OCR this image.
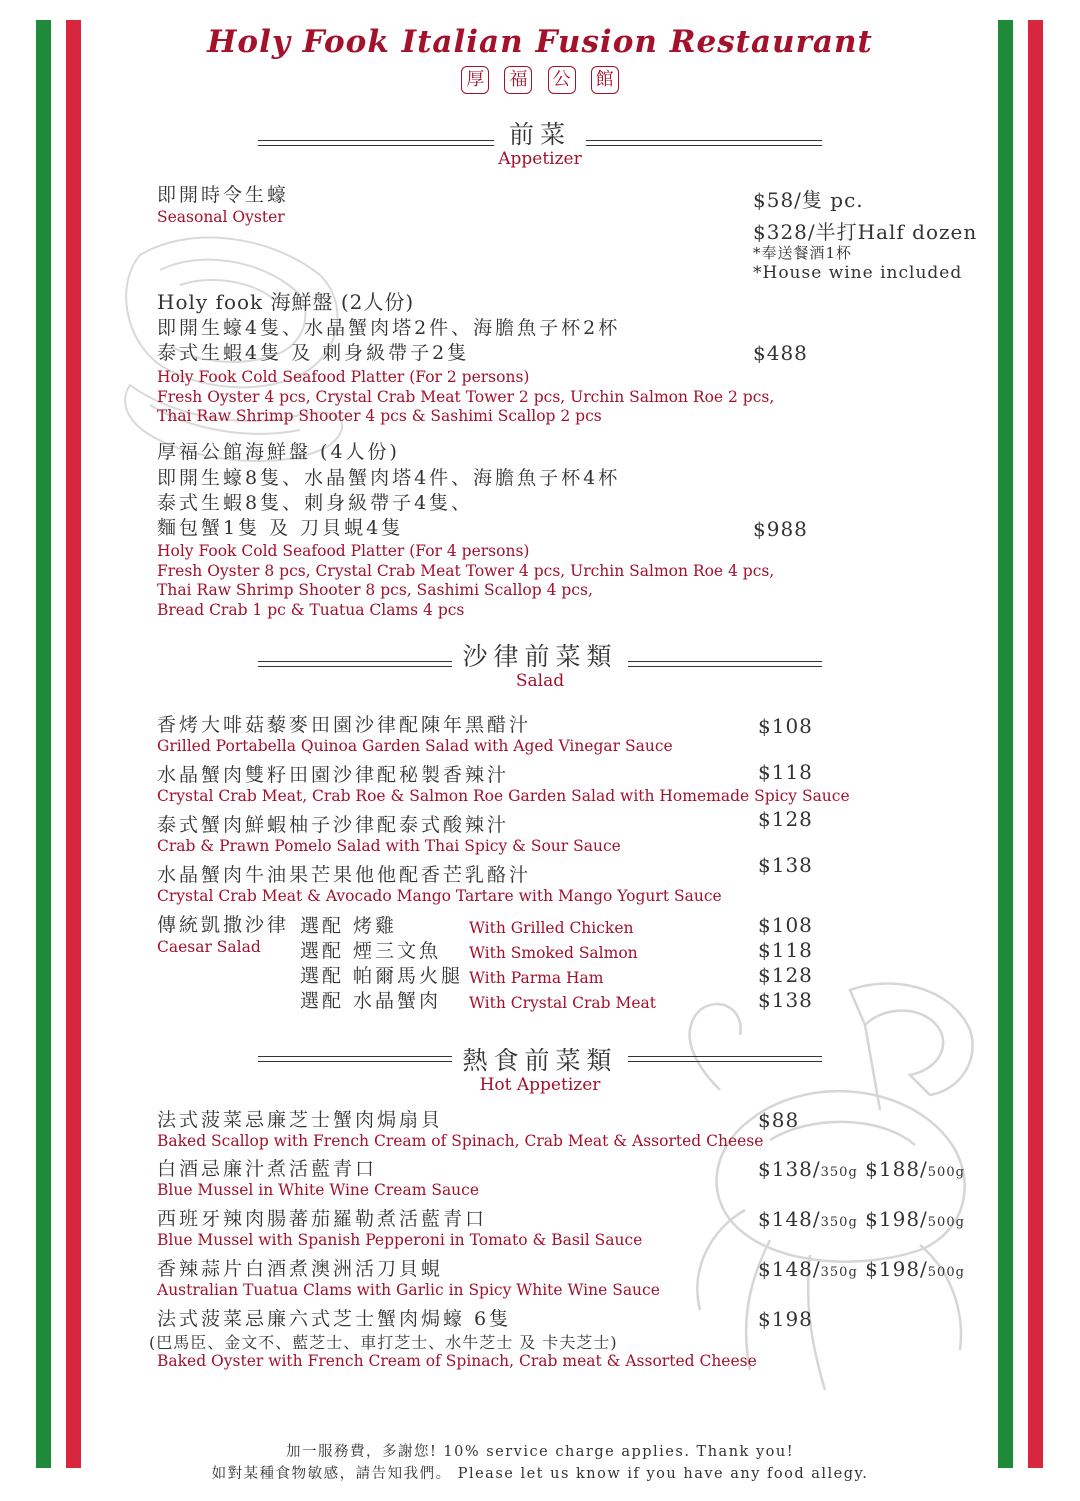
Holy Fook Italian Fusion Restaurant
厚 福 公 館
前菜
Appetizer
即開時令生蠔
Seasonal Oyster
$58/隻 pc.
$328/半打Half dozen
*奉送餐酒1杯
*House wine included
Holy fook 海鮮盤 (2人份)
即開生蠔4隻、水晶蟹肉塔2件、海膽魚子杯2杯
泰式生蝦4隻 及 刺身級帶子2隻
Holy Fook Cold Seafood Platter (For 2 persons)
Fresh Oyster 4 pcs, Crystal Crab Meat Tower 2 pcs, Urchin Salmon Roe 2 pcs,
Thai Raw Shrimp Shooter 4 pcs & Sashimi Scallop 2 pcs
$488
厚福公館海鮮盤 (4人份)
即開生蠔8隻、水晶蟹肉塔4件、海膽魚子杯4杯
泰式生蝦8隻、刺身級帶子4隻、
麵包蟹1隻 及 刀貝蜆4隻
Holy Fook Cold Seafood Platter (For 4 persons)
Fresh Oyster 8 pcs, Crystal Crab Meat Tower 4 pcs, Urchin Salmon Roe 4 pcs,
Thai Raw Shrimp Shooter 8 pcs, Sashimi Scallop 4 pcs,
Bread Crab 1 pc & Tuatua Clams 4 pcs
$988
沙律前菜類
Salad
香烤大啡菇藜麥田園沙律配陳年黑醋汁
Grilled Portabella Quinoa Garden Salad with Aged Vinegar Sauce
$108
水晶蟹肉雙籽田園沙律配秘製香辣汁
Crystal Crab Meat, Crab Roe & Salmon Roe Garden Salad with Homemade Spicy Sauce
$118
泰式蟹肉鮮蝦柚子沙律配泰式酸辣汁
Crab & Prawn Pomelo Salad with Thai Spicy & Sour Sauce
$128
水晶蟹肉牛油果芒果他他配香芒乳酪汁
Crystal Crab Meat & Avocado Mango Tartare with Mango Yogurt Sauce
$138
傳統凱撒沙律
Caesar Salad
選配 烤雞	With Grilled Chicken	$108
選配 煙三文魚 With Smoked Salmon	$118
選配 帕爾馬火腿 With Parma Ham	$128
選配 水晶蟹肉 With Crystal Crab Meat	$138
熱食前菜類
Hot Appetizer
法式菠菜忌廉芝士蟹肉焗扇貝
Baked Scallop with French Cream of Spinach, Crab Meat & Assorted Cheese
$88
白酒忌廉汁煮活藍青口
Blue Mussel in White Wine Cream Sauce
$138/350g $188/500g
西班牙辣肉腸蕃茄羅勒煮活藍青口
Blue Mussel with Spanish Pepperoni in Tomato & Basil Sauce
$148/350g $198/500g
香辣蒜片白酒煮澳洲活刀貝蜆
Australian Tuatua Clams with Garlic in Spicy White Wine Sauce
$148/350g $198/500g
法式菠菜忌廉六式芝士蟹肉焗蠔 6隻
(巴馬臣、金文不、藍芝士、車打芝士、水牛芝士 及 卡夫芝士)
Baked Oyster with French Cream of Spinach, Crab meat & Assorted Cheese
$198
加一服務費，多謝您! 10% service charge applies. Thank you!
如對某種食物敏感，請告知我們。 Please let us know if you have any food allegy.
